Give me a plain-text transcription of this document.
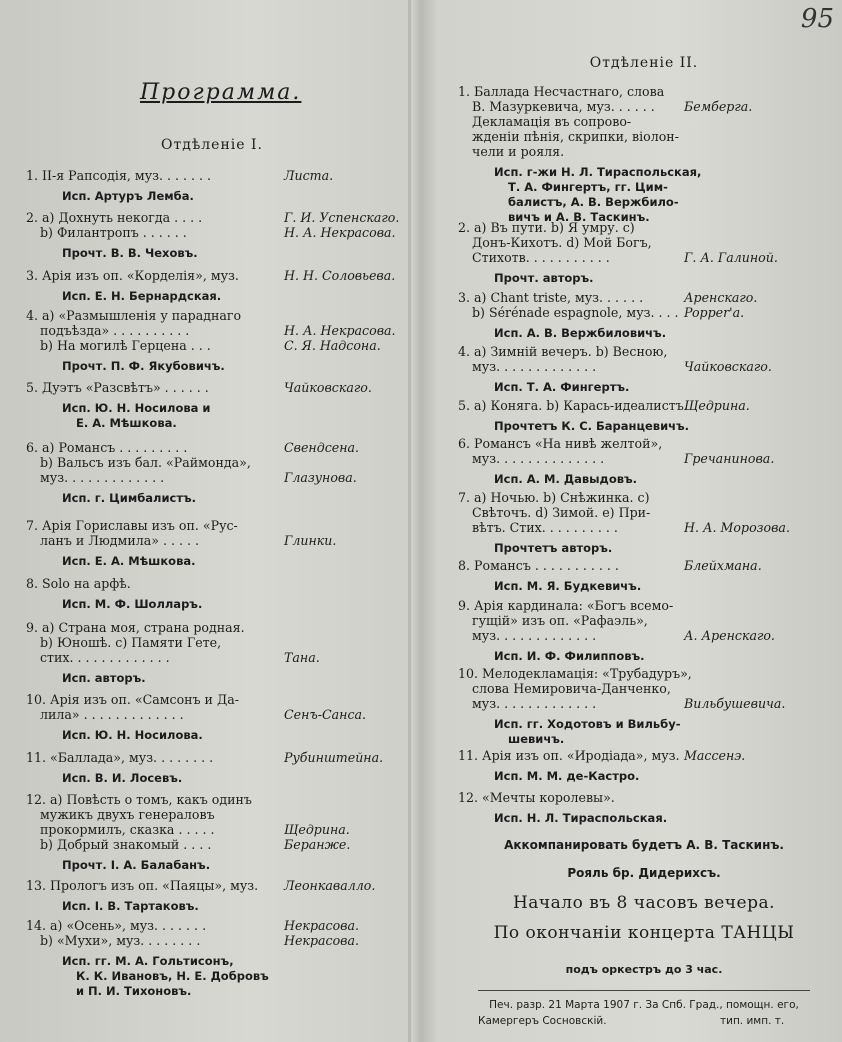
95
Программа.
Отдѣленіе I.
1. II-я Рапсодія, муз. . . . . . .	Листа.
Исп. Артуръ Лемба.
2. a) Дохнуть некогда . . . .	Г. И. Успенскаго.
b) Филантропъ . . . . . .	Н. А. Некрасова.
Прочт. В. В. Чеховъ.
3. Арія изъ оп. «Корделія», муз.	Н. Н. Соловьева.
Исп. Е. Н. Бернардская.
4. a) «Размышленія у параднаго
подъѣзда» . . . . . . . . . .	Н. А. Некрасова.
b) На могилѣ Герцена . . .	С. Я. Надсона.
Прочт. П. Ф. Якубовичъ.
5. Дуэтъ «Разсвѣтъ» . . . . . .	Чайковскаго.
Исп. Ю. Н. Носилова и
Е. А. Мѣшкова.
6. a) Романсъ . . . . . . . . .	Свендсена.
b) Вальсъ изъ бал. «Раймонда»,
муз. . . . . . . . . . . . .	Глазунова.
Исп. г. Цимбалистъ.
7. Арія Гориславы изъ оп. «Рус-
ланъ и Людмила» . . . . .	Глинки.
Исп. Е. А. Мѣшкова.
8. Solo на арфѣ.
Исп. М. Ф. Шолларъ.
9. a) Страна моя, страна родная.
b) Юношѣ. c) Памяти Гете,
стих. . . . . . . . . . . . .	Тана.
Исп. авторъ.
10. Арія изъ оп. «Самсонъ и Да-
лила» . . . . . . . . . . . . .	Сенъ-Санса.
Исп. Ю. Н. Носилова.
11. «Баллада», муз. . . . . . . .	Рубинштейна.
Исп. В. И. Лосевъ.
12. a) Повѣсть о томъ, какъ одинъ
мужикъ двухъ генераловъ
прокормилъ, сказка . . . . .	Щедрина.
b) Добрый знакомый . . . .	Беранже.
Прочт. I. А. Балабанъ.
13. Прологъ изъ оп. «Паяцы», муз. Леонкавалло.
Исп. I. В. Тартаковъ.
14. a) «Осень», муз. . . . . . .	Некрасова.
b) «Мухи», муз. . . . . . . .	Некрасова.
Исп. гг. М. А. Гольтисонъ,
К. К. Ивановъ, Н. Е. Добровъ
и П. И. Тихоновъ.
Отдѣленіе II.
1. Баллада Несчастнаго, слова
В. Мазуркевича, муз. . . . . . Бемберга.
Декламація въ сопрово-
жденіи пѣнія, скрипки, віолон-
чели и рояля.
Исп. г-жи Н. Л. Тираспольская,
Т. А. Фингертъ, гг. Цим-
балистъ, А. В. Вержбило-
вичъ и А. В. Таскинъ.
2. a) Въ пути. b) Я умру. c)
Донъ-Кихотъ. d) Мой Богъ,
Стихотв. . . . . . . . . . .	Г. А. Галиной.
Прочт. авторъ.
3. a) Chant triste, муз. . . . . .	Аренскаго.
b) Sérénade espagnole, муз. . . . Popper'a.
Исп. А. В. Вержбиловичъ.
4. a) Зимній вечеръ. b) Весною,
муз. . . . . . . . . . . . .	Чайковскаго.
Исп. Т. А. Фингертъ.
5. a) Коняга. b) Карась-идеалистъ.
Щедрина.
Прочтетъ К. С. Баранцевичъ.
6. Романсъ «На нивѣ желтой»,
муз. . . . . . . . . . . . . .	Гречанинова.
Исп. А. М. Давыдовъ.
7. a) Ночью. b) Снѣжинка. c)
Свѣточъ. d) Зимой. e) При-
вѣтъ. Стих. . . . . . . . . .	Н. А. Морозова.
Прочтетъ авторъ.
8. Романсъ . . . . . . . . . . .	Блейхмана.
Исп. М. Я. Будкевичъ.
9. Арія кардинала: «Богъ всемо-
гущій» изъ оп. «Рафаэль»,
муз. . . . . . . . . . . . .	А. Аренскаго.
Исп. И. Ф. Филипповъ.
10. Мелодекламація: «Трубадуръ»,
слова Немировича-Данченко,
муз. . . . . . . . . . . . .	Вильбушевича.
Исп. гг. Ходотовъ и Вильбу-
шевичъ.
11. Арія изъ оп. «Иродіада», муз. Массенэ.
Исп. М. М. де-Кастро.
12. «Мечты королевы».
Исп. Н. Л. Тираспольская.
Аккомпанировать будетъ А. В. Таскинъ.
Рояль бр. Дидерихсъ.
Начало въ 8 часовъ вечера.
По окончаніи концерта ТАНЦЫ
подъ оркестръ до 3 час.
Печ. разр. 21 Марта 1907 г. За Спб. Град., помощн. его,
Камергеръ Сосновскій.	тип. имп. т.
